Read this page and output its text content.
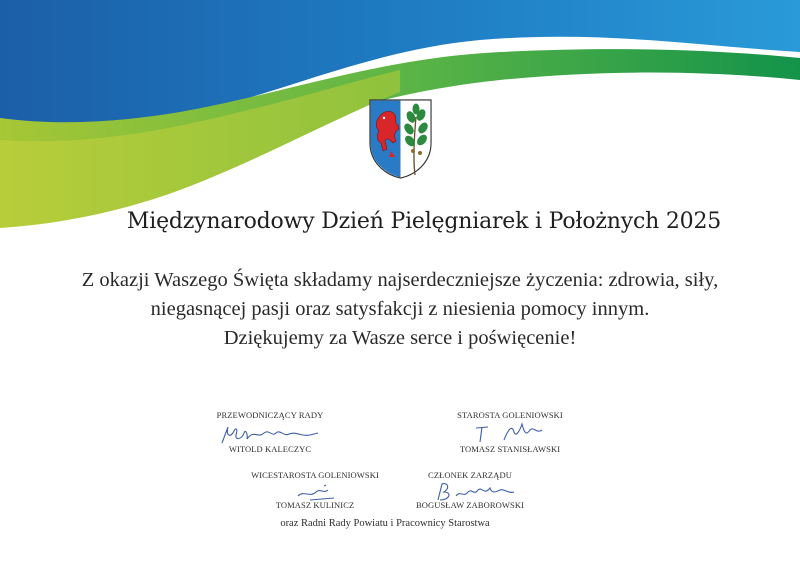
Międzynarodowy Dzień Pielęgniarek i Położnych 2025
Z okazji Waszego Święta składamy najserdeczniejsze życzenia: zdrowia, siły,
niegasnącej pasji oraz satysfakcji z niesienia pomocy innym.
Dziękujemy za Wasze serce i poświęcenie!
PRZEWODNICZĄCY RADY
WITOLD KALECZYC
STAROSTA GOLENIOWSKI
TOMASZ STANISŁAWSKI
WICESTAROSTA GOLENIOWSKI
TOMASZ KULINICZ
CZŁONEK ZARZĄDU
BOGUSŁAW ZABOROWSKI
oraz Radni Rady Powiatu i Pracownicy Starostwa
